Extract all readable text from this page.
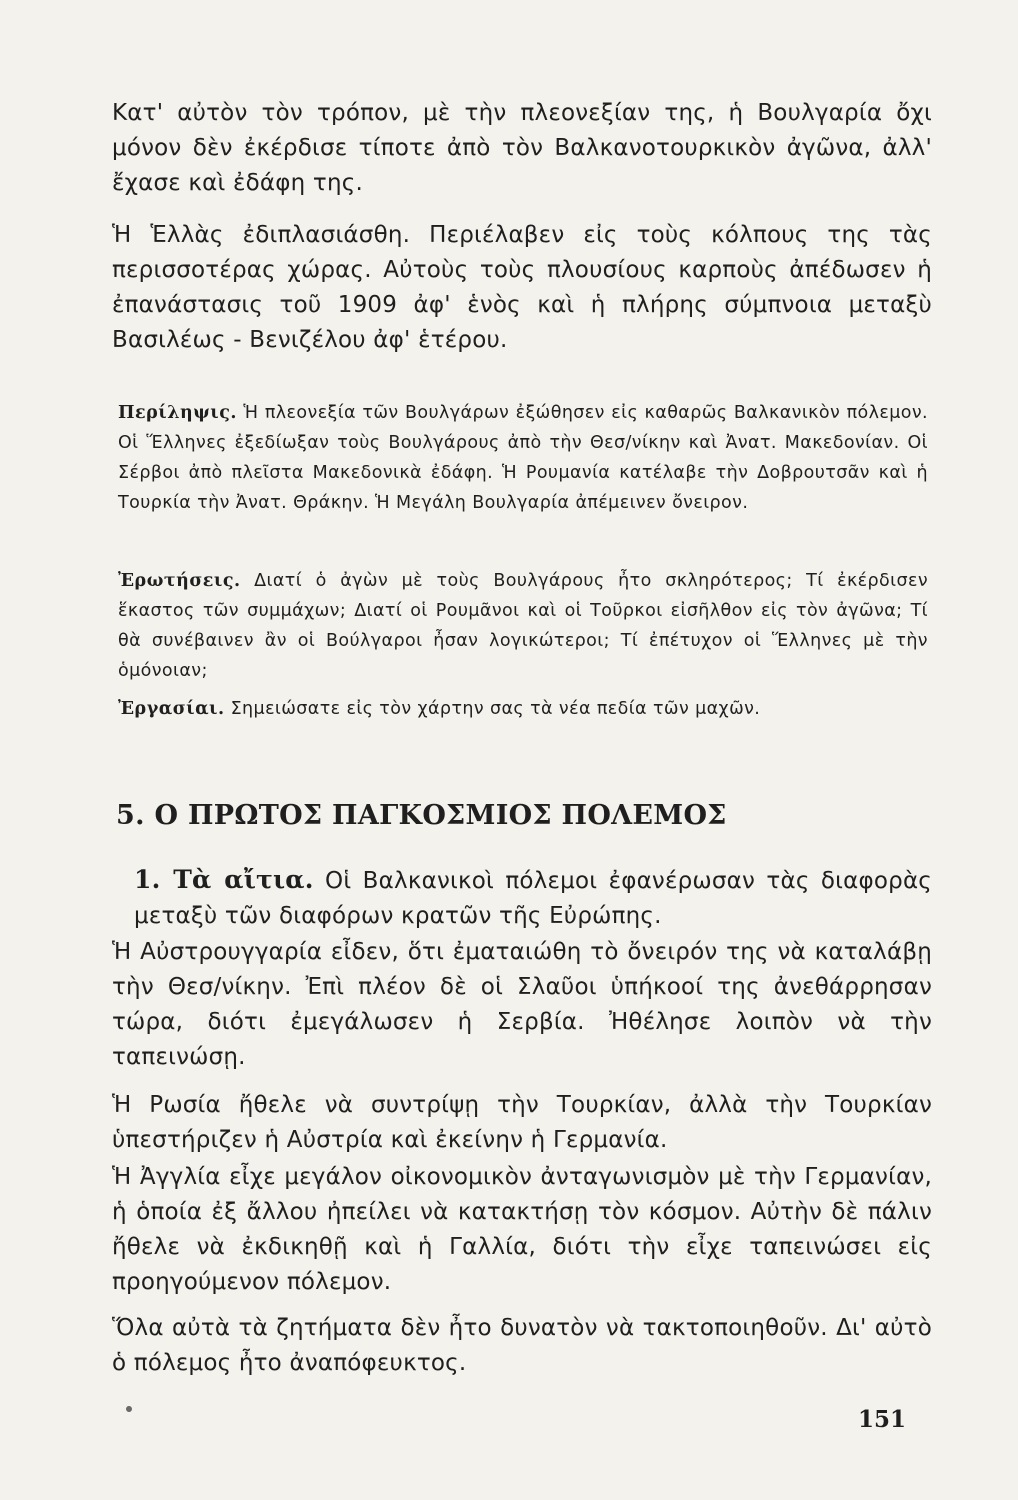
Κατ' αὐτὸν τὸν τρόπον, μὲ τὴν πλεονεξίαν της, ἡ Βουλγαρία ὄχι μόνον δὲν ἐκέρδισε τίποτε ἀπὸ τὸν Βαλκανοτουρκικὸν ἀγῶνα, ἀλλ' ἔχασε καὶ ἐδάφη της.
Ἡ Ἑλλὰς ἐδιπλασιάσθη. Περιέλαβεν εἰς τοὺς κόλπους της τὰς περισσοτέρας χώρας. Αὐτοὺς τοὺς πλουσίους καρποὺς ἀπέδωσεν ἡ ἐπανάστασις τοῦ 1909 ἀφ' ἑνὸς καὶ ἡ πλήρης σύμπνοια μεταξὺ Βασιλέως - Βενιζέλου ἀφ' ἑτέρου.
Περίληψις. Ἡ πλεονεξία τῶν Βουλγάρων ἐξώθησεν εἰς καθαρῶς Βαλκανικὸν πόλεμον. Οἱ Ἕλληνες ἐξεδίωξαν τοὺς Βουλγάρους ἀπὸ τὴν Θεσ/νίκην καὶ Ἀνατ. Μακεδονίαν. Οἱ Σέρβοι ἀπὸ πλεῖστα Μακεδονικὰ ἐδάφη. Ἡ Ρουμανία κατέλαβε τὴν Δοβρουτσᾶν καὶ ἡ Τουρκία τὴν Ἀνατ. Θράκην. Ἡ Μεγάλη Βουλγαρία ἀπέμεινεν ὄνειρον.
Ἐρωτήσεις. Διατί ὁ ἀγὼν μὲ τοὺς Βουλγάρους ἦτο σκληρότερος; Τί ἐκέρδισεν ἕκαστος τῶν συμμάχων; Διατί οἱ Ρουμᾶνοι καὶ οἱ Τοῦρκοι εἰσῆλθον εἰς τὸν ἀγῶνα; Τί θὰ συνέβαινεν ἂν οἱ Βούλγαροι ἦσαν λογικώτεροι; Τί ἐπέτυχον οἱ Ἕλληνες μὲ τὴν ὁμόνοιαν;
Ἐργασίαι. Σημειώσατε εἰς τὸν χάρτην σας τὰ νέα πεδία τῶν μαχῶν.
5. Ο ΠΡΩΤΟΣ ΠΑΓΚΟΣΜΙΟΣ ΠΟΛΕΜΟΣ
1. Τὰ αἴτια. Οἱ Βαλκανικοὶ πόλεμοι ἐφανέρωσαν τὰς διαφορὰς μεταξὺ τῶν διαφόρων κρατῶν τῆς Εὐρώπης.
Ἡ Αὐστρουγγαρία εἶδεν, ὅτι ἐματαιώθη τὸ ὄνειρόν της νὰ καταλάβῃ τὴν Θεσ/νίκην. Ἐπὶ πλέον δὲ οἱ Σλαῦοι ὑπήκοοί της ἀνεθάρρησαν τώρα, διότι ἐμεγάλωσεν ἡ Σερβία. Ἠθέλησε λοιπὸν νὰ τὴν ταπεινώσῃ.
Ἡ Ρωσία ἤθελε νὰ συντρίψῃ τὴν Τουρκίαν, ἀλλὰ τὴν Τουρκίαν ὑπεστήριζεν ἡ Αὐστρία καὶ ἐκείνην ἡ Γερμανία.
Ἡ Ἀγγλία εἶχε μεγάλον οἰκονομικὸν ἀνταγωνισμὸν μὲ τὴν Γερμανίαν, ἡ ὁποία ἐξ ἄλλου ἠπείλει νὰ κατακτήσῃ τὸν κόσμον. Αὐτὴν δὲ πάλιν ἤθελε νὰ ἐκδικηθῇ καὶ ἡ Γαλλία, διότι τὴν εἶχε ταπεινώσει εἰς προηγούμενον πόλεμον.
Ὅλα αὐτὰ τὰ ζητήματα δὲν ἦτο δυνατὸν νὰ τακτοποιηθοῦν. Δι' αὐτὸ ὁ πόλεμος ἦτο ἀναπόφευκτος.
151
